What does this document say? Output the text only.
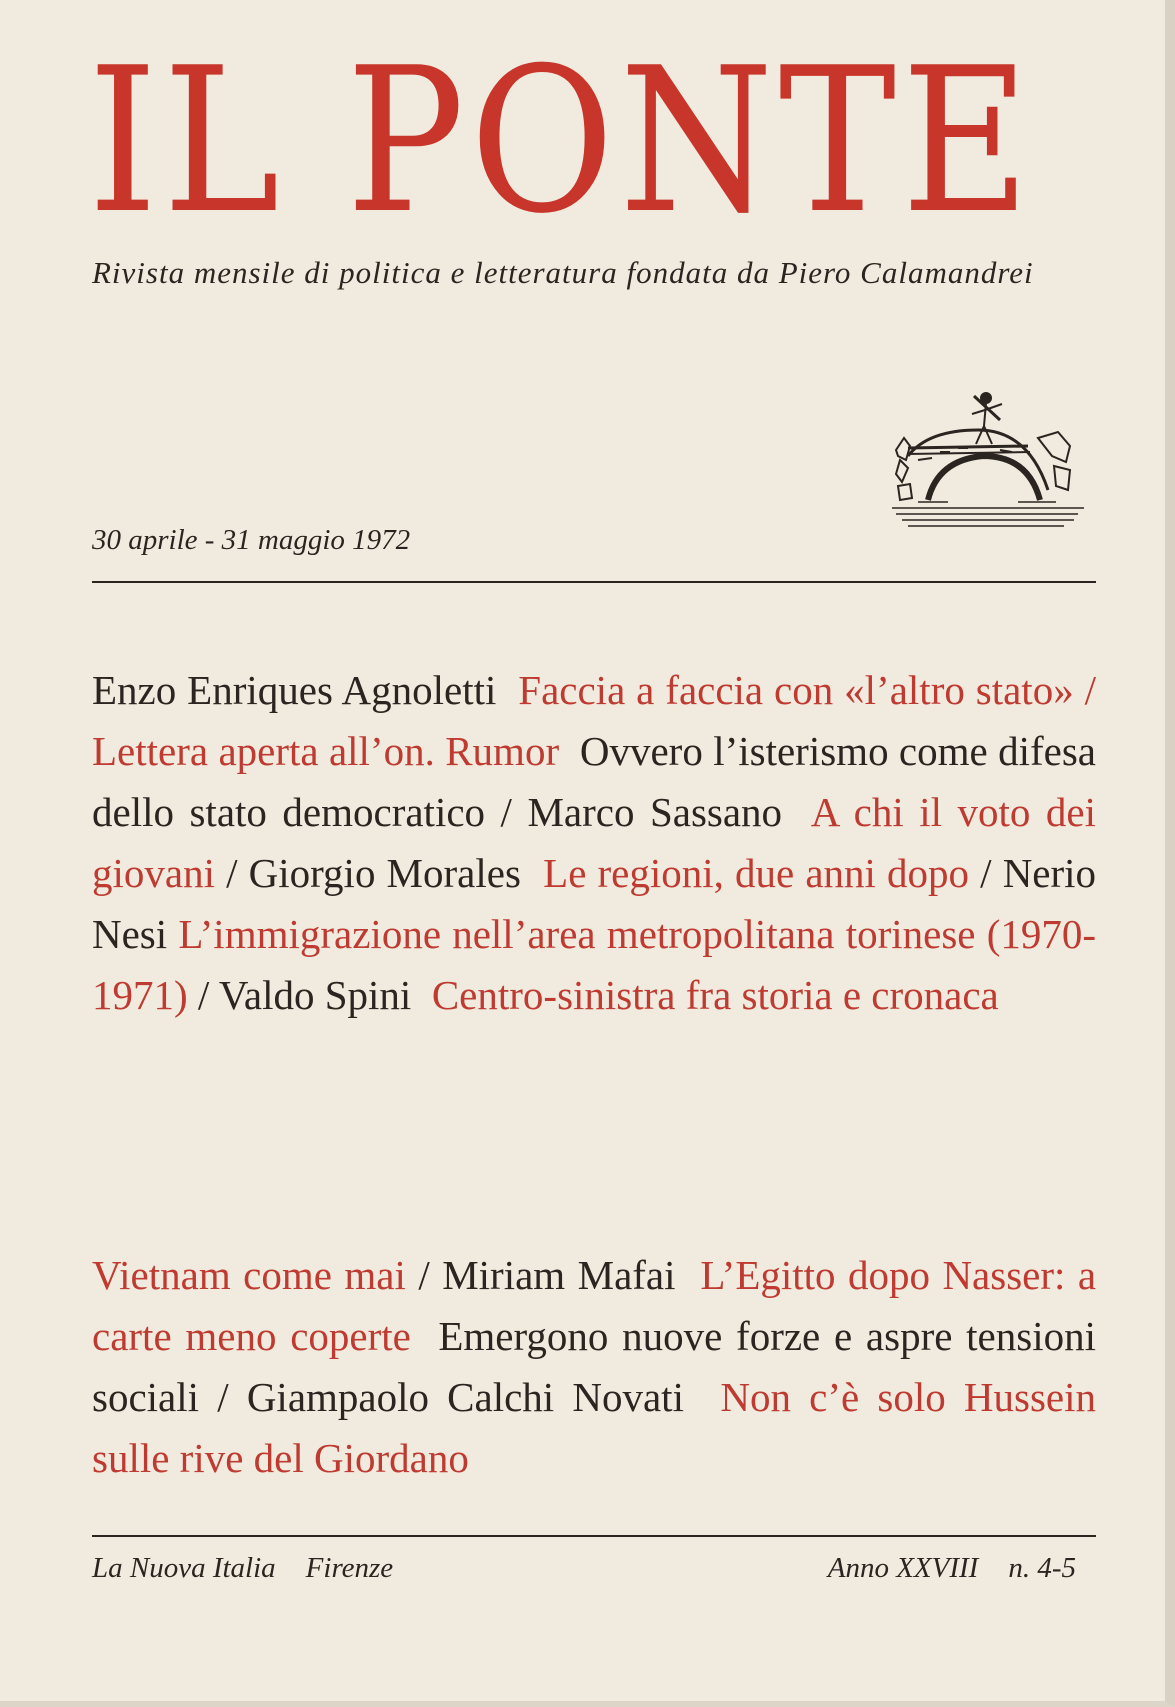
IL PONTE
Rivista mensile di politica e letteratura fondata da Piero Calamandrei
30 aprile - 31 maggio 1972
Enzo Enriques Agnoletti Faccia a faccia con «l’altro stato» / Lettera aperta all’on. Rumor Ovvero l’isterismo come difesa dello stato democratico / Marco Sassano A chi il voto dei giovani / Giorgio Morales Le regioni, due anni dopo / Nerio Nesi L’immigrazione nell’area metropolitana torinese (1970-1971) / Valdo Spini Centro-sinistra fra storia e cronaca
Vietnam come mai / Miriam Mafai L’Egitto dopo Nasser: a carte meno coperte Emergono nuove forze e aspre tensioni sociali / Giampaolo Calchi Novati Non c’è solo Hussein sulle rive del Giordano
La Nuova Italia Firenze	Anno XXVIII n. 4-5
